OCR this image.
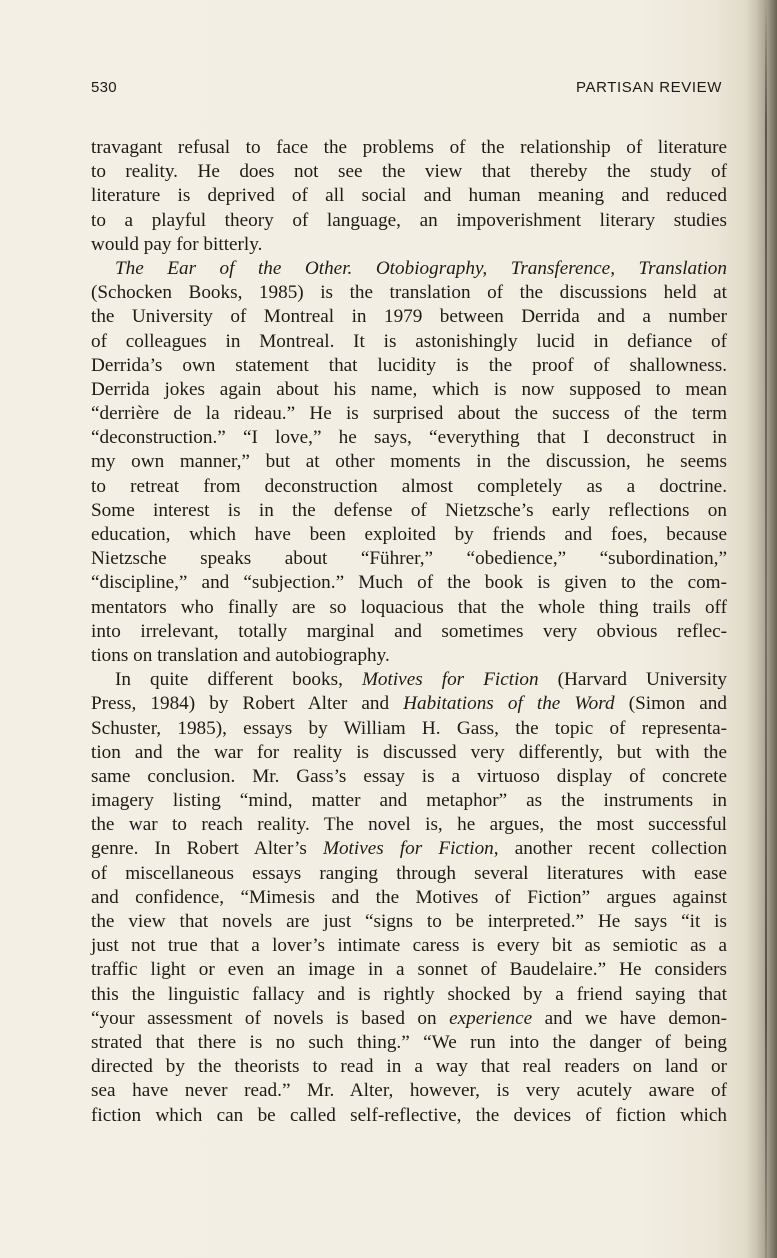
530	PARTISAN REVIEW
travagant refusal to face the problems of the relationship of literature
to reality. He does not see the view that thereby the study of
literature is deprived of all social and human meaning and reduced
to a playful theory of language, an impoverishment literary studies
would pay for bitterly.
The Ear of the Other. Otobiography, Transference, Translation
(Schocken Books, 1985) is the translation of the discussions held at
the University of Montreal in 1979 between Derrida and a number
of colleagues in Montreal. It is astonishingly lucid in defiance of
Derrida’s own statement that lucidity is the proof of shallowness.
Derrida jokes again about his name, which is now supposed to mean
“derrière de la rideau.” He is surprised about the success of the term
“deconstruction.” “I love,” he says, “everything that I deconstruct in
my own manner,” but at other moments in the discussion, he seems
to retreat from deconstruction almost completely as a doctrine.
Some interest is in the defense of Nietzsche’s early reflections on
education, which have been exploited by friends and foes, because
Nietzsche speaks about “Führer,” “obedience,” “subordination,”
“discipline,” and “subjection.” Much of the book is given to the com-
mentators who finally are so loquacious that the whole thing trails off
into irrelevant, totally marginal and sometimes very obvious reflec-
tions on translation and autobiography.
In quite different books, Motives for Fiction (Harvard University
Press, 1984) by Robert Alter and Habitations of the Word (Simon and
Schuster, 1985), essays by William H. Gass, the topic of representa-
tion and the war for reality is discussed very differently, but with the
same conclusion. Mr. Gass’s essay is a virtuoso display of concrete
imagery listing “mind, matter and metaphor” as the instruments in
the war to reach reality. The novel is, he argues, the most successful
genre. In Robert Alter’s Motives for Fiction, another recent collection
of miscellaneous essays ranging through several literatures with ease
and confidence, “Mimesis and the Motives of Fiction” argues against
the view that novels are just “signs to be interpreted.” He says “it is
just not true that a lover’s intimate caress is every bit as semiotic as a
traffic light or even an image in a sonnet of Baudelaire.” He considers
this the linguistic fallacy and is rightly shocked by a friend saying that
“your assessment of novels is based on experience and we have demon-
strated that there is no such thing.” “We run into the danger of being
directed by the theorists to read in a way that real readers on land or
sea have never read.” Mr. Alter, however, is very acutely aware of
fiction which can be called self-reflective, the devices of fiction which
